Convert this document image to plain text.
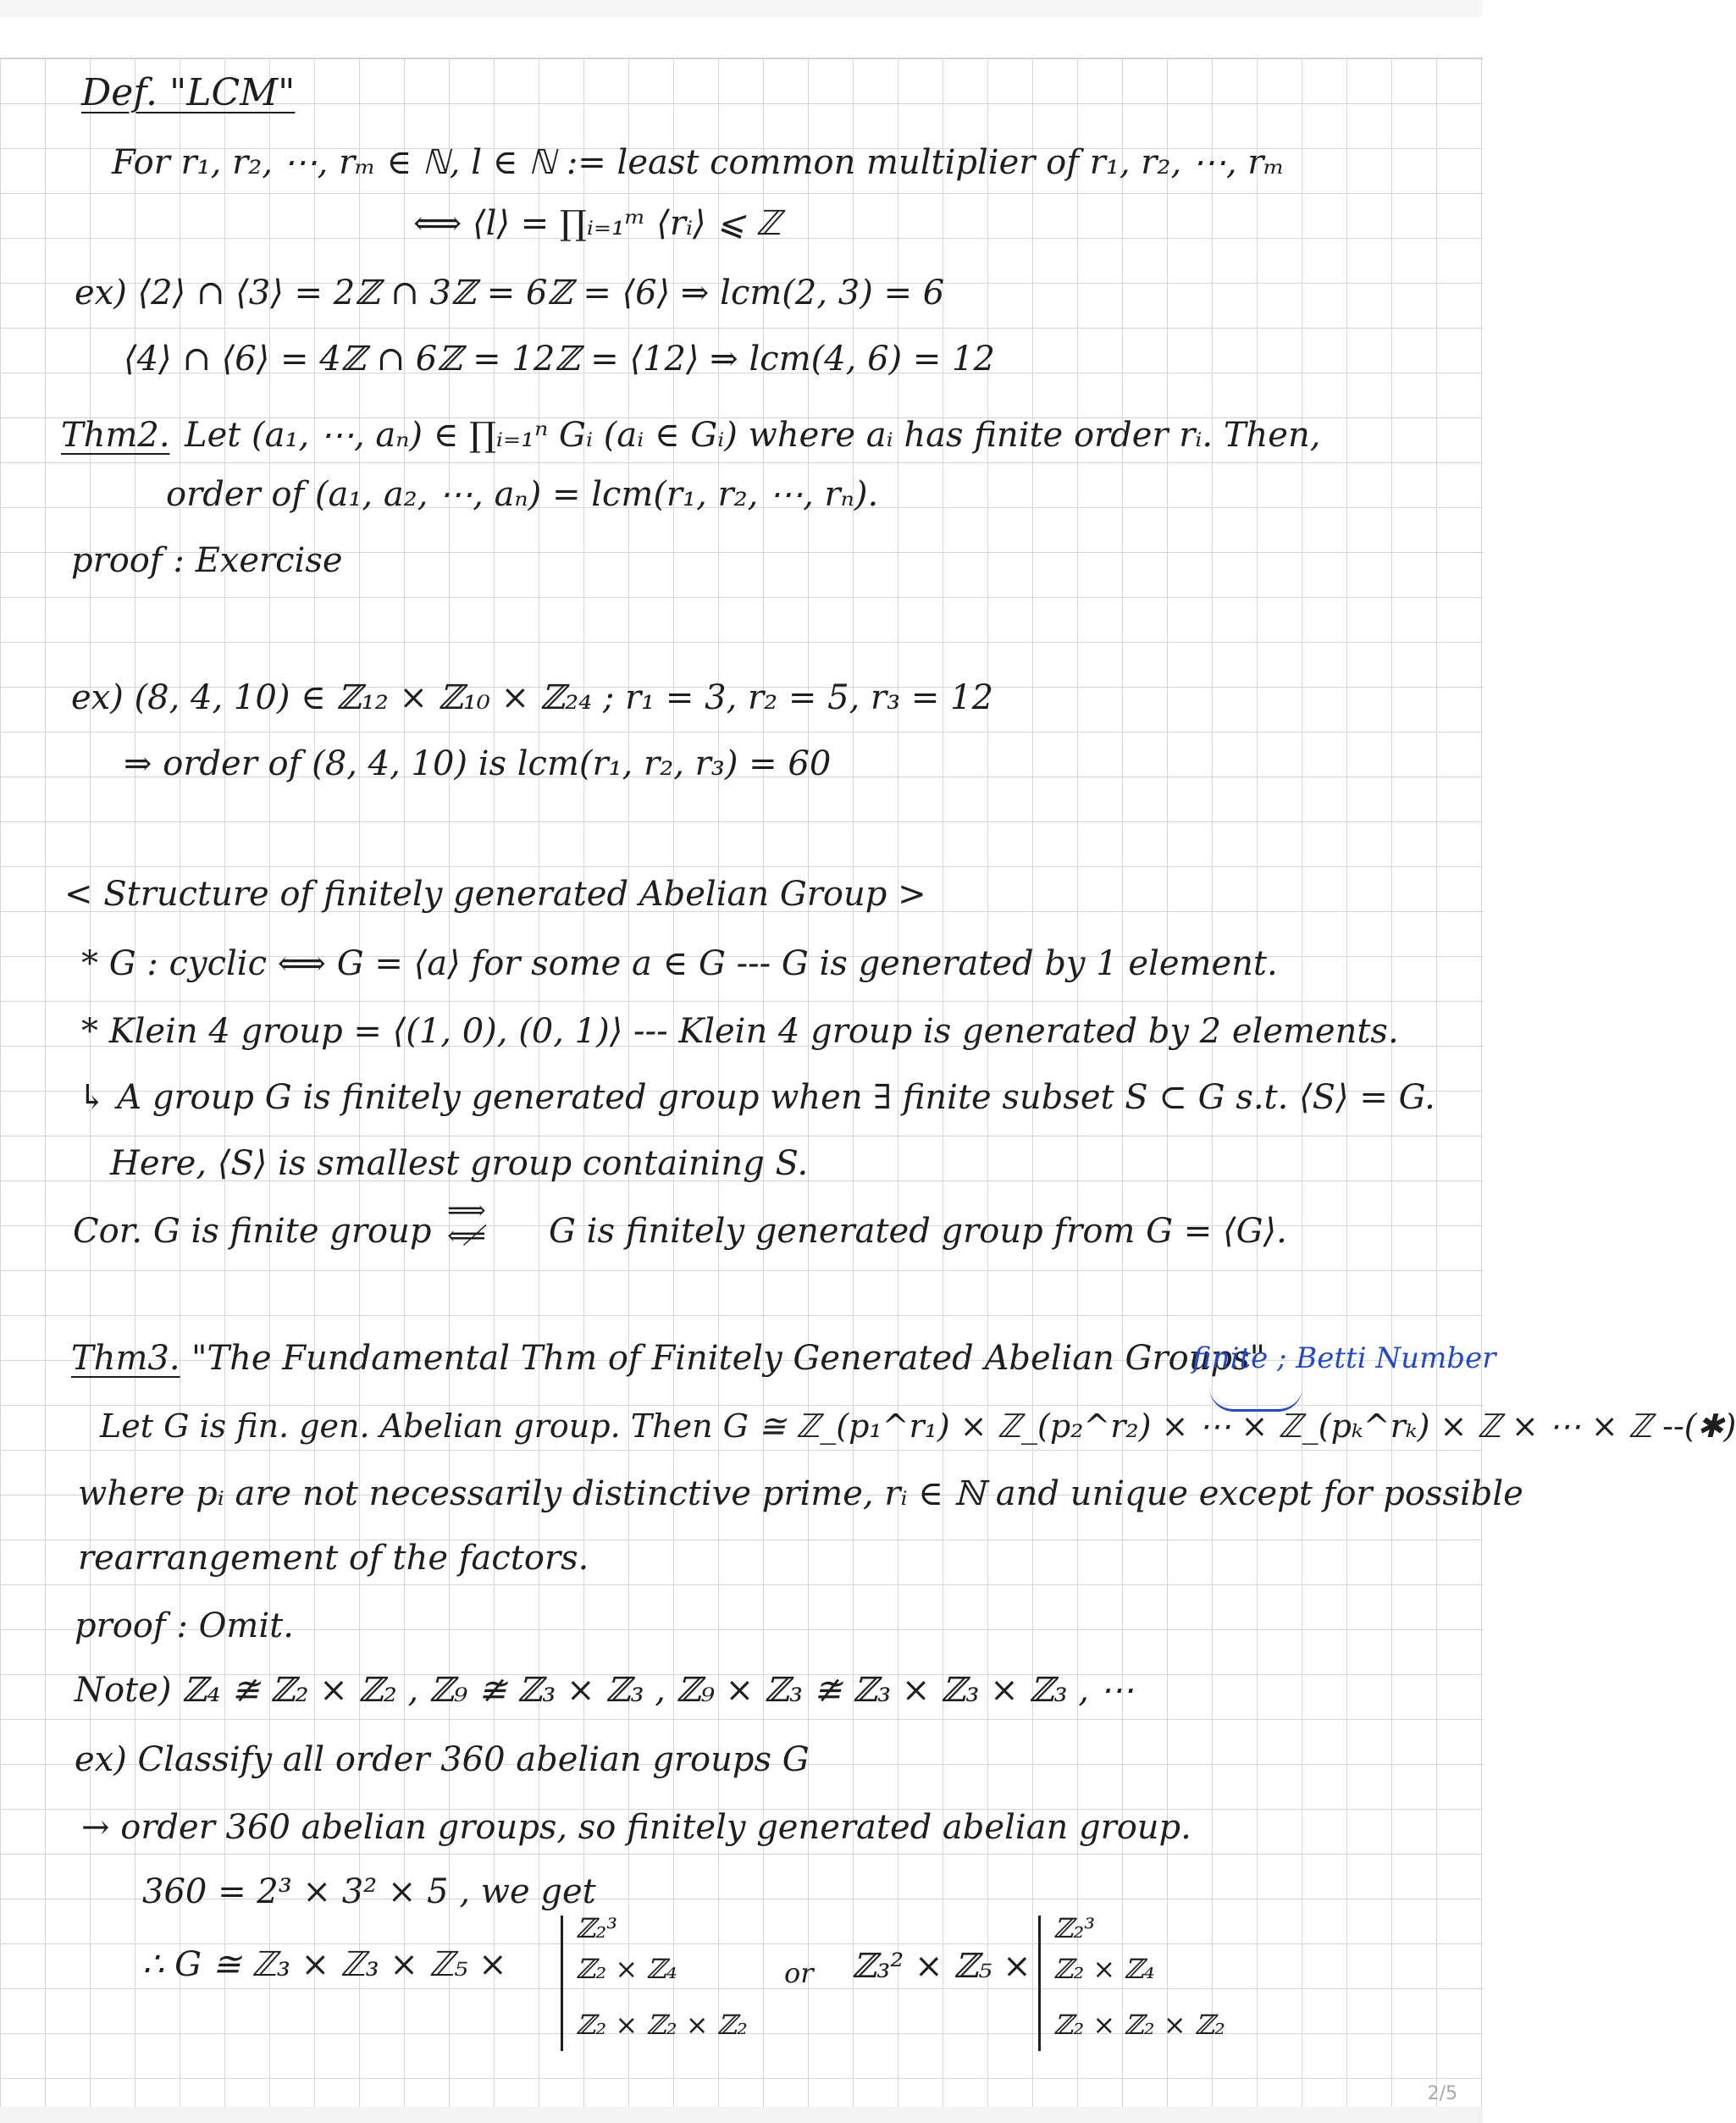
Def. "LCM"
For r₁, r₂, ⋯, rₘ ∈ ℕ, l ∈ ℕ := least common multiplier of r₁, r₂, ⋯, rₘ
⟺ ⟨l⟩ = ∏ᵢ₌₁ᵐ ⟨rᵢ⟩ ⩽ ℤ
ex) ⟨2⟩ ∩ ⟨3⟩ = 2ℤ ∩ 3ℤ = 6ℤ = ⟨6⟩ ⇒ lcm(2, 3) = 6
⟨4⟩ ∩ ⟨6⟩ = 4ℤ ∩ 6ℤ = 12ℤ = ⟨12⟩ ⇒ lcm(4, 6) = 12
Thm2. Let (a₁, ⋯, aₙ) ∈ ∏ᵢ₌₁ⁿ Gᵢ (aᵢ ∈ Gᵢ) where aᵢ has finite order rᵢ. Then,
order of (a₁, a₂, ⋯, aₙ) = lcm(r₁, r₂, ⋯, rₙ).
proof : Exercise
ex) (8, 4, 10) ∈ ℤ₁₂ × ℤ₁₀ × ℤ₂₄ ; r₁ = 3, r₂ = 5, r₃ = 12
⇒ order of (8, 4, 10) is lcm(r₁, r₂, r₃) = 60
< Structure of finitely generated Abelian Group >
* G : cyclic ⟺ G = ⟨a⟩ for some a ∈ G --- G is generated by 1 element.
* Klein 4 group = ⟨(1, 0), (0, 1)⟩ --- Klein 4 group is generated by 2 elements.
↳ A group G is finitely generated group when ∃ finite subset S ⊂ G s.t. ⟨S⟩ = G.
Here, ⟨S⟩ is smallest group containing S.
Cor. G is finite group
⟹
⟸̸ G is finitely generated group from G = ⟨G⟩.
Thm3. "The Fundamental Thm of Finitely Generated Abelian Groups"
finite ; Betti Number
Let G is fin. gen. Abelian group. Then G ≅ ℤ_(p₁^r₁) × ℤ_(p₂^r₂) × ⋯ × ℤ_(pₖ^rₖ) × ℤ × ⋯ × ℤ --(✱)
where pᵢ are not necessarily distinctive prime, rᵢ ∈ ℕ and unique except for possible
rearrangement of the factors.
proof : Omit.
Note) ℤ₄ ≇ ℤ₂ × ℤ₂ , ℤ₉ ≇ ℤ₃ × ℤ₃ , ℤ₉ × ℤ₃ ≇ ℤ₃ × ℤ₃ × ℤ₃ , ⋯
ex) Classify all order 360 abelian groups G
→ order 360 abelian groups, so finitely generated abelian group.
360 = 2³ × 3² × 5 , we get
∴ G ≅ ℤ₃ × ℤ₃ × ℤ₅ ×
ℤ₂³
ℤ₂ × ℤ₄
ℤ₂ × ℤ₂ × ℤ₂
or ℤ₃² × ℤ₅ ×
ℤ₂³
ℤ₂ × ℤ₄
ℤ₂ × ℤ₂ × ℤ₂
2/5
